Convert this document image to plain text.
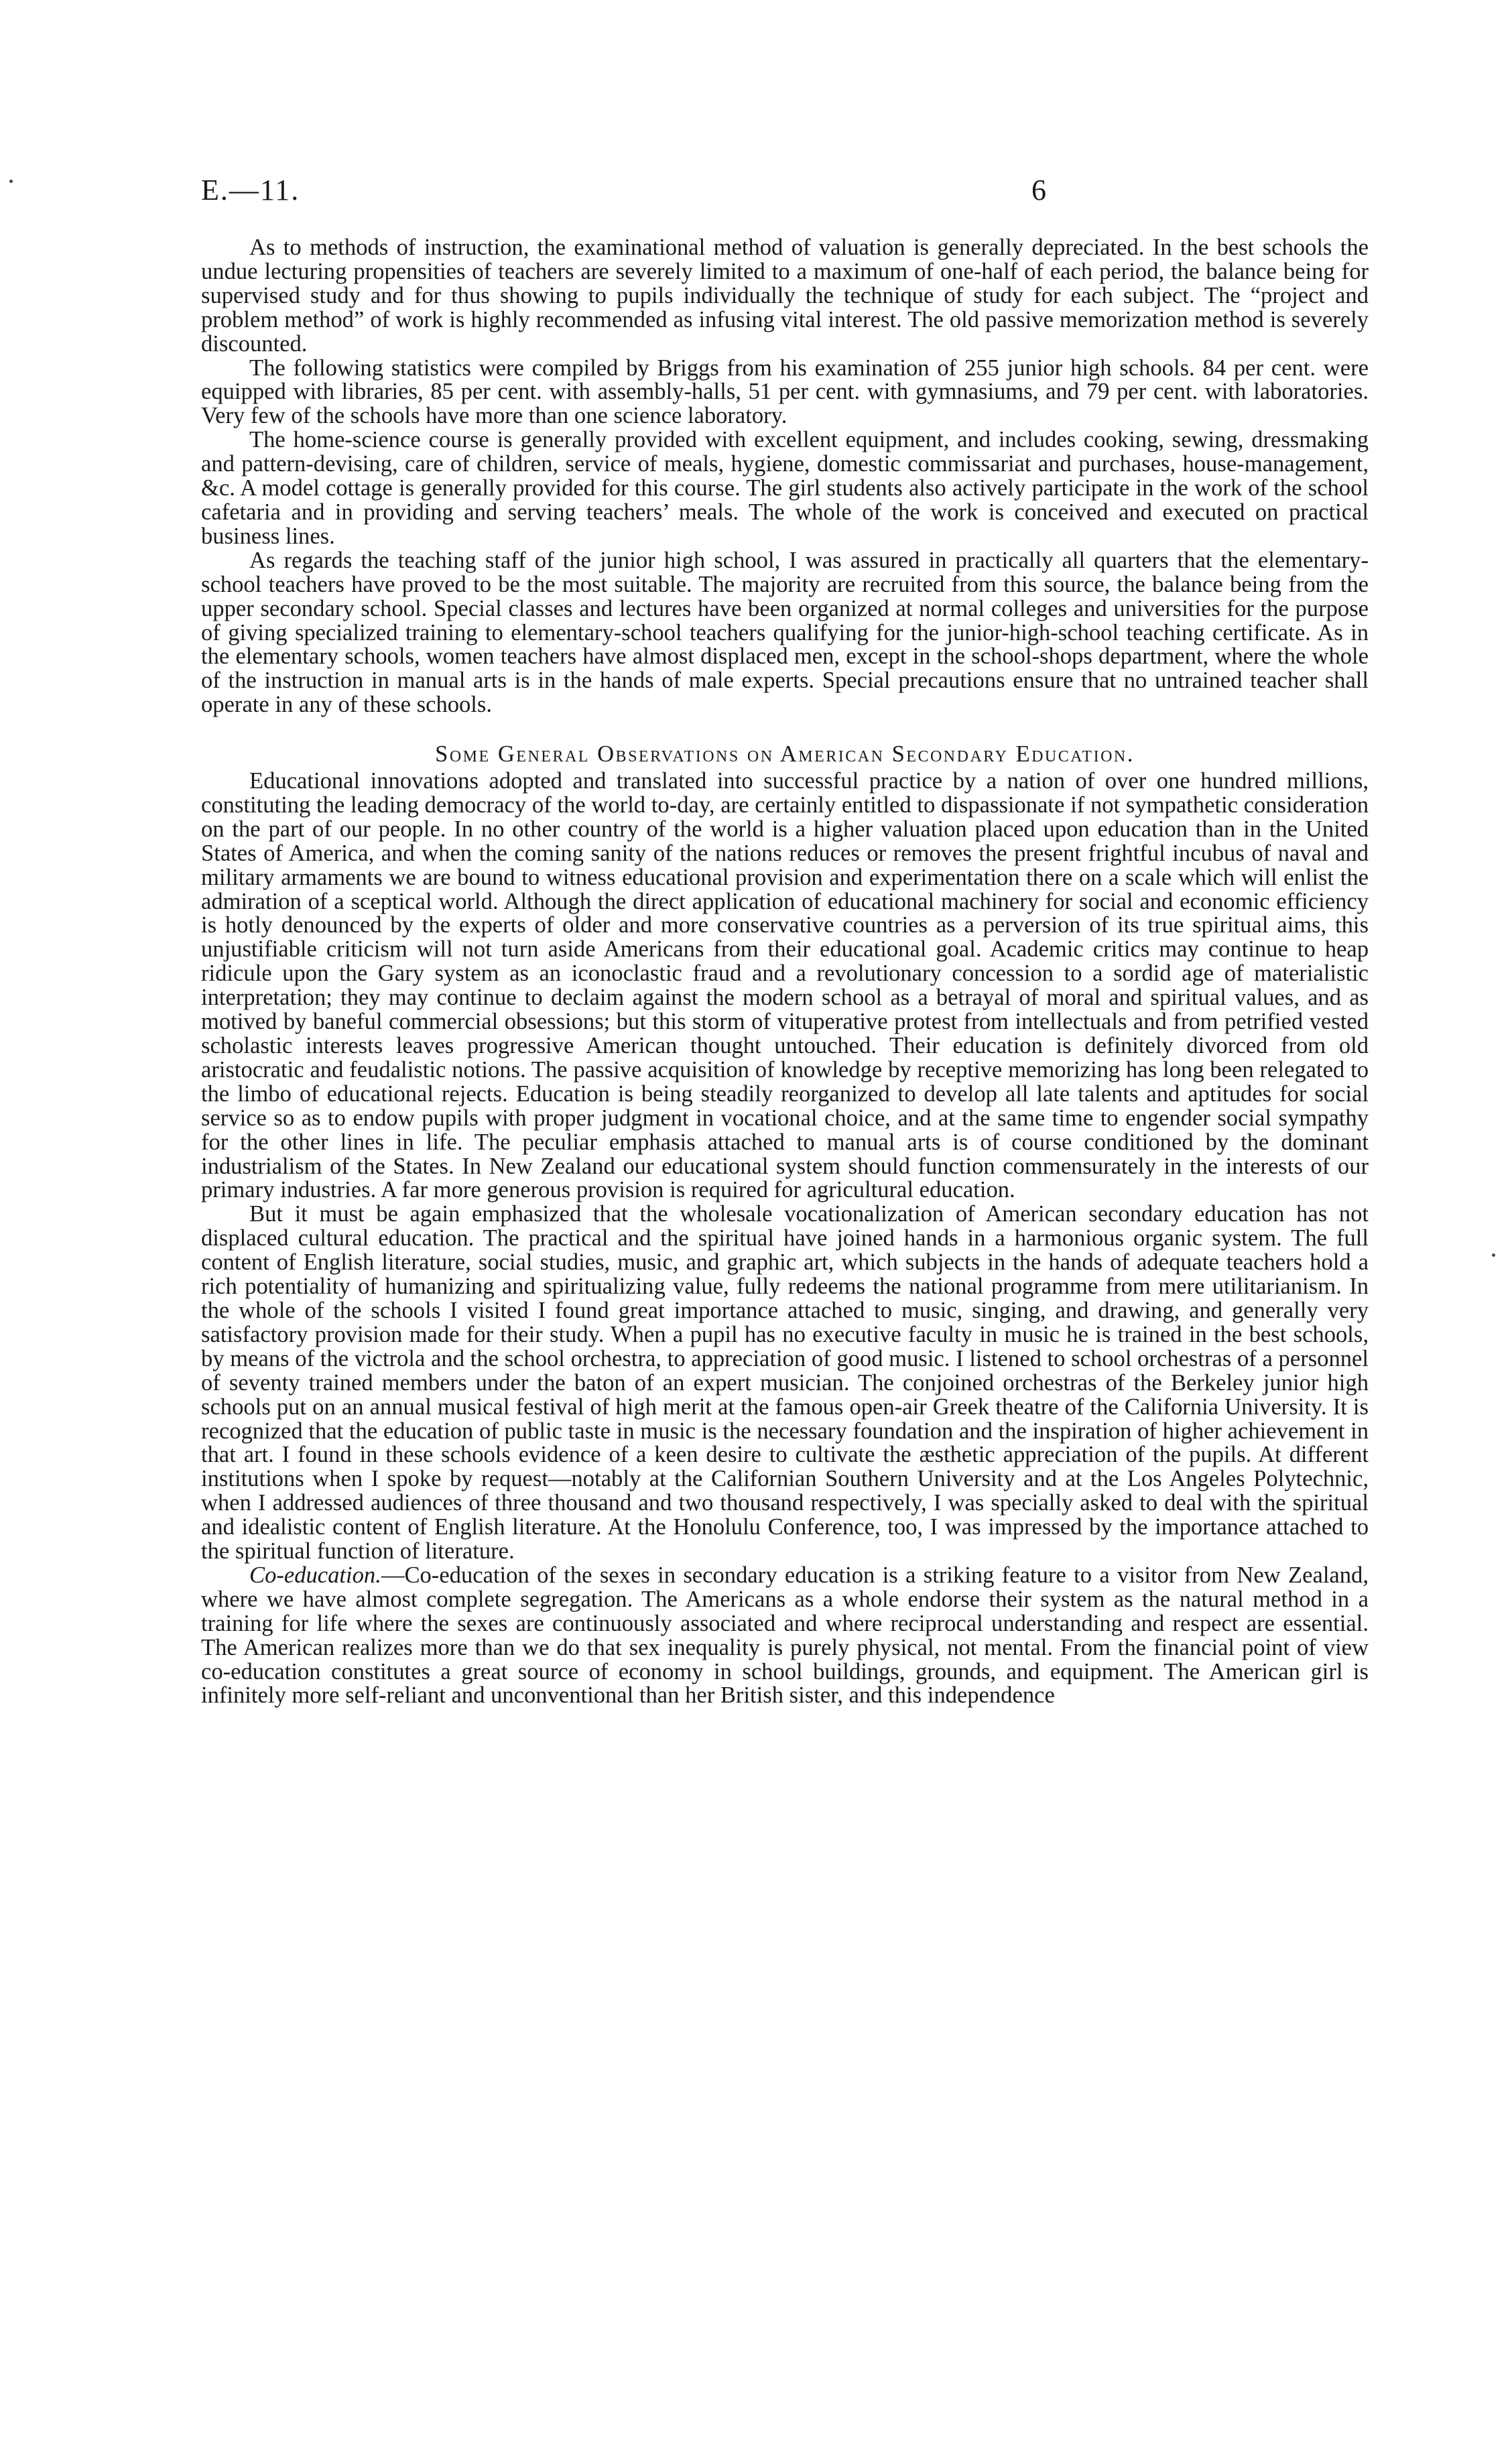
E.—11.	6

As to methods of instruction, the examinational method of valuation is generally depreciated. In the best schools the undue lecturing propensities of teachers are severely limited to a maximum of one-half of each period, the balance being for supervised study and for thus showing to pupils individually the technique of study for each subject. The “project and problem method” of work is highly recommended as infusing vital interest. The old passive memorization method is severely discounted.

The following statistics were compiled by Briggs from his examination of 255 junior high schools. 84 per cent. were equipped with libraries, 85 per cent. with assembly-halls, 51 per cent. with gymnasiums, and 79 per cent. with laboratories. Very few of the schools have more than one science laboratory.

The home-science course is generally provided with excellent equipment, and includes cooking, sewing, dressmaking and pattern-devising, care of children, service of meals, hygiene, domestic commissariat and purchases, house-management, &c. A model cottage is generally provided for this course. The girl students also actively participate in the work of the school cafetaria and in providing and serving teachers’ meals. The whole of the work is conceived and executed on practical business lines.

As regards the teaching staff of the junior high school, I was assured in practically all quarters that the elementary-school teachers have proved to be the most suitable. The majority are recruited from this source, the balance being from the upper secondary school. Special classes and lectures have been organized at normal colleges and universities for the purpose of giving specialized training to elementary-school teachers qualifying for the junior-high-school teaching certificate. As in the elementary schools, women teachers have almost displaced men, except in the school-shops department, where the whole of the instruction in manual arts is in the hands of male experts. Special precautions ensure that no untrained teacher shall operate in any of these schools.

Some General Observations on American Secondary Education.

Educational innovations adopted and translated into successful practice by a nation of over one hundred millions, constituting the leading democracy of the world to-day, are certainly entitled to dispassionate if not sympathetic consideration on the part of our people. In no other country of the world is a higher valuation placed upon education than in the United States of America, and when the coming sanity of the nations reduces or removes the present frightful incubus of naval and military armaments we are bound to witness educational provision and experimentation there on a scale which will enlist the admiration of a sceptical world. Although the direct application of educational machinery for social and economic efficiency is hotly denounced by the experts of older and more conservative countries as a perversion of its true spiritual aims, this unjustifiable criticism will not turn aside Americans from their educational goal. Academic critics may continue to heap ridicule upon the Gary system as an iconoclastic fraud and a revolutionary concession to a sordid age of materialistic interpretation; they may continue to declaim against the modern school as a betrayal of moral and spiritual values, and as motived by baneful commercial obsessions; but this storm of vituperative protest from intellectuals and from petrified vested scholastic interests leaves progressive American thought untouched. Their education is definitely divorced from old aristocratic and feudalistic notions. The passive acquisition of knowledge by receptive memorizing has long been relegated to the limbo of educational rejects. Education is being steadily reorganized to develop all late talents and aptitudes for social service so as to endow pupils with proper judgment in vocational choice, and at the same time to engender social sympathy for the other lines in life. The peculiar emphasis attached to manual arts is of course conditioned by the dominant industrialism of the States. In New Zealand our educational system should function commensurately in the interests of our primary industries. A far more generous provision is required for agricultural education.

But it must be again emphasized that the wholesale vocationalization of American secondary education has not displaced cultural education. The practical and the spiritual have joined hands in a harmonious organic system. The full content of English literature, social studies, music, and graphic art, which subjects in the hands of adequate teachers hold a rich potentiality of humanizing and spiritualizing value, fully redeems the national programme from mere utilitarianism. In the whole of the schools I visited I found great importance attached to music, singing, and drawing, and generally very satisfactory provision made for their study. When a pupil has no executive faculty in music he is trained in the best schools, by means of the victrola and the school orchestra, to appreciation of good music. I listened to school orchestras of a personnel of seventy trained members under the baton of an expert musician. The conjoined orchestras of the Berkeley junior high schools put on an annual musical festival of high merit at the famous open-air Greek theatre of the California University. It is recognized that the education of public taste in music is the necessary foundation and the inspiration of higher achievement in that art. I found in these schools evidence of a keen desire to cultivate the æsthetic appreciation of the pupils. At different institutions when I spoke by request—notably at the Californian Southern University and at the Los Angeles Polytechnic, when I addressed audiences of three thousand and two thousand respectively, I was specially asked to deal with the spiritual and idealistic content of English literature. At the Honolulu Conference, too, I was impressed by the importance attached to the spiritual function of literature.

Co-education.—Co-education of the sexes in secondary education is a striking feature to a visitor from New Zealand, where we have almost complete segregation. The Americans as a whole endorse their system as the natural method in a training for life where the sexes are continuously associated and where reciprocal understanding and respect are essential. The American realizes more than we do that sex inequality is purely physical, not mental. From the financial point of view co-education constitutes a great source of economy in school buildings, grounds, and equipment. The American girl is infinitely more self-reliant and unconventional than her British sister, and this independence
